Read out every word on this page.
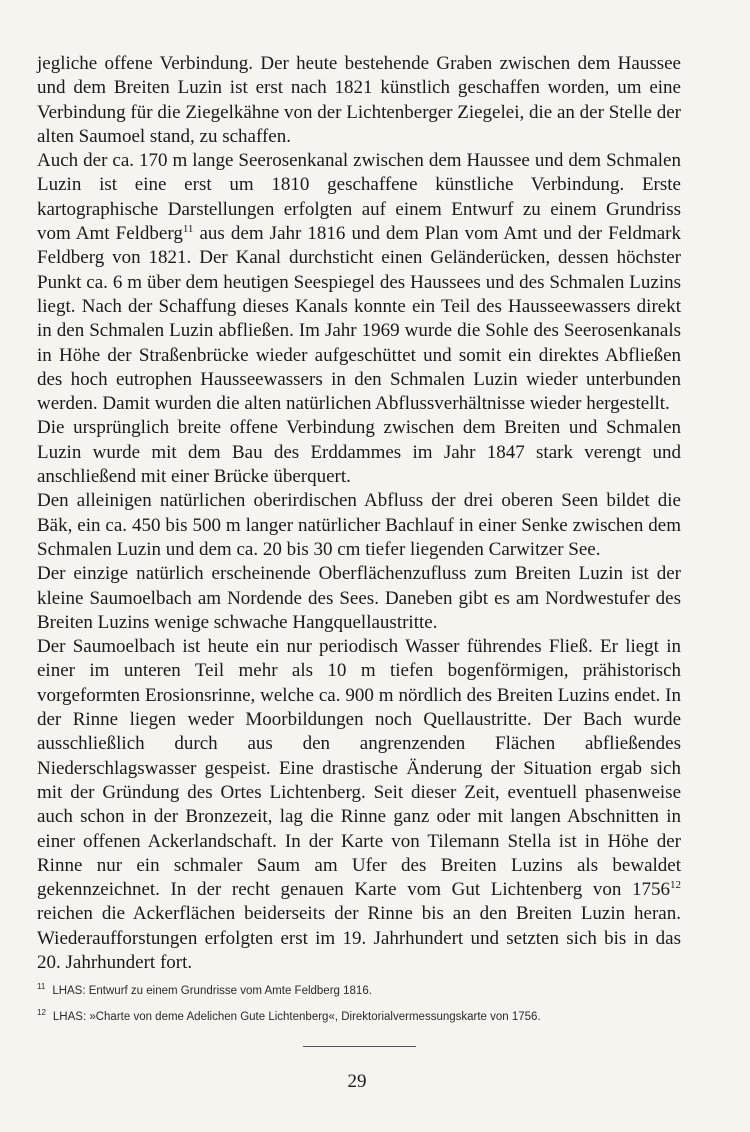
jegliche offene Verbindung. Der heute bestehende Graben zwischen dem Haussee und dem Breiten Luzin ist erst nach 1821 künstlich geschaffen worden, um eine Verbindung für die Ziegelkähne von der Lichtenberger Ziegelei, die an der Stelle der alten Saumoel stand, zu schaffen.

Auch der ca. 170 m lange Seerosenkanal zwischen dem Haussee und dem Schmalen Luzin ist eine erst um 1810 geschaffene künstliche Verbindung. Erste kartographische Darstellungen erfolgten auf einem Entwurf zu einem Grundriss vom Amt Feldberg$^{11}$ aus dem Jahr 1816 und dem Plan vom Amt und der Feldmark Feldberg von 1821. Der Kanal durchsticht einen Geländerücken, dessen höchster Punkt ca. 6 m über dem heutigen Seespiegel des Haussees und des Schmalen Luzins liegt. Nach der Schaffung dieses Kanals konnte ein Teil des Hausseewassers direkt in den Schmalen Luzin abfließen. Im Jahr 1969 wurde die Sohle des Seerosenkanals in Höhe der Straßenbrücke wieder aufgeschüttet und somit ein direktes Abfließen des hoch eutrophen Hausseewassers in den Schmalen Luzin wieder unterbunden werden. Damit wurden die alten natürlichen Abflussverhältnisse wieder hergestellt.

Die ursprünglich breite offene Verbindung zwischen dem Breiten und Schmalen Luzin wurde mit dem Bau des Erddammes im Jahr 1847 stark verengt und anschließend mit einer Brücke überquert.

Den alleinigen natürlichen oberirdischen Abfluss der drei oberen Seen bildet die Bäk, ein ca. 450 bis 500 m langer natürlicher Bachlauf in einer Senke zwischen dem Schmalen Luzin und dem ca. 20 bis 30 cm tiefer liegenden Carwitzer See.

Der einzige natürlich erscheinende Oberflächenzufluss zum Breiten Luzin ist der kleine Saumoelbach am Nordende des Sees. Daneben gibt es am Nordwestufer des Breiten Luzins wenige schwache Hangquellaustritte.

Der Saumoelbach ist heute ein nur periodisch Wasser führendes Fließ. Er liegt in einer im unteren Teil mehr als 10 m tiefen bogenförmigen, prähistorisch vorgeformten Erosionsrinne, welche ca. 900 m nördlich des Breiten Luzins endet. In der Rinne liegen weder Moorbildungen noch Quellaustritte. Der Bach wurde ausschließlich durch aus den angrenzenden Flächen abfließendes Niederschlagswasser gespeist. Eine drastische Änderung der Situation ergab sich mit der Gründung des Ortes Lichtenberg. Seit dieser Zeit, eventuell phasenweise auch schon in der Bronzezeit, lag die Rinne ganz oder mit langen Abschnitten in einer offenen Ackerlandschaft. In der Karte von Tilemann Stella ist in Höhe der Rinne nur ein schmaler Saum am Ufer des Breiten Luzins als bewaldet gekennzeichnet. In der recht genauen Karte vom Gut Lichtenberg von 1756$^{12}$ reichen die Ackerflächen beiderseits der Rinne bis an den Breiten Luzin heran. Wiederaufforstungen erfolgten erst im 19. Jahrhundert und setzten sich bis in das 20. Jahrhundert fort.

$^{11}$ LHAS: Entwurf zu einem Grundrisse vom Amte Feldberg 1816.

$^{12}$ LHAS: »Charte von deme Adelichen Gute Lichtenberg«, Direktorialvermessungskarte von 1756.

29
